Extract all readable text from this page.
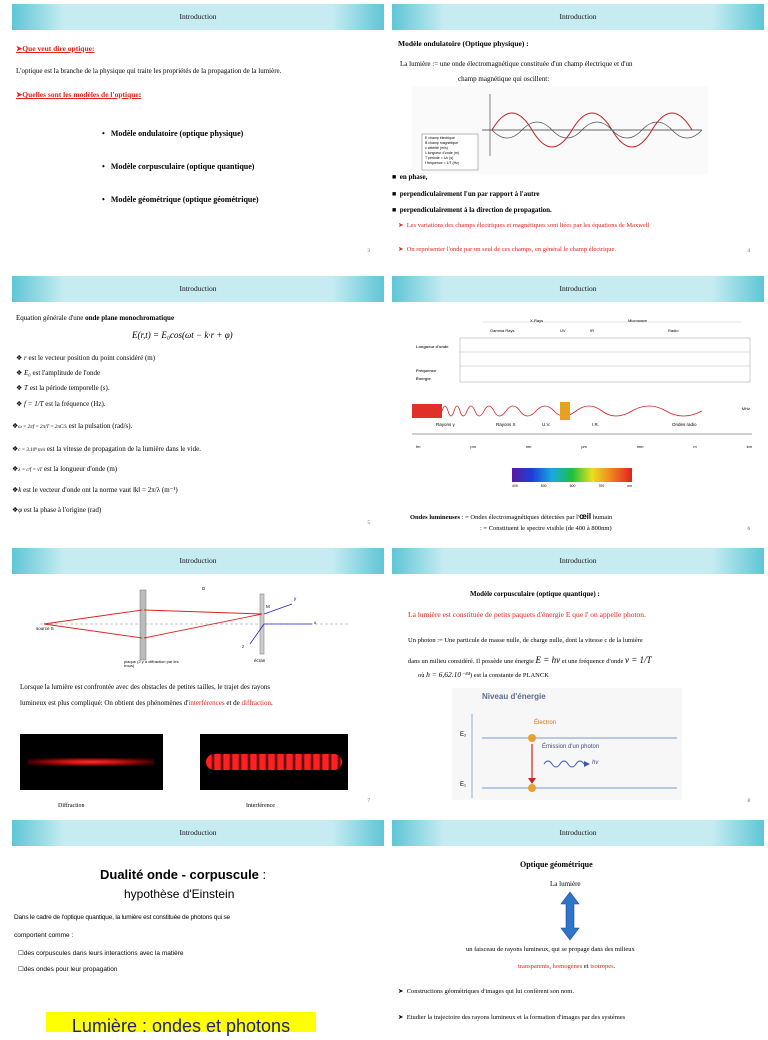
Introduction
➤Que veut dire optique:
L'optique est la branche de la physique qui traite les propriétés de la propagation de la lumière.
➤Quelles sont les modèles de l'optique:
•   Modèle ondulatoire (optique physique)
•   Modèle corpusculaire (optique quantique)
•   Modèle géométrique (optique géométrique)
3
Introduction
Modèle ondulatoire (Optique physique) :
La lumière := une onde électromagnétique constituée d'un champ électrique et d'un
champ magnétique qui oscillent:
E champ électrique
B champ magnétique
c célérité (m/s)
λ longueur d'onde (m)
T période = λ/c (s)
f fréquence = 1/T (Hz)
■  en phase,
■  perpendiculairement l'un par rapport à l'autre
■  perpendiculairement à la direction de propagation.
➤  Les variations des champs électriques et magnétiques sont liées par les équations de Maxwell
➤  On représenter l'onde par un seul de ces champs, en général le champ électrique.	4
Introduction
Equation générale d'une onde plane monochromatique
E(r,t) = E₀cos(ωt − k·r + φ)
❖ r est le vecteur position du point considéré (m)
❖ E₀ est l'amplitude de l'onde
❖ T est la période temporelle (s).
❖ f = 1/T est la fréquence (Hz).
❖ω = 2πf = 2π/T = 2πC/λ est la pulsation (rad/s).
❖c = 3.10⁸ m/s est la vitesse de propagation de la lumière dans le vide.
❖λ = c/f = vT est la longueur d'onde (m)
❖k est le vecteur d'onde ont la norme vaut ‖k‖ = 2π/λ (m⁻¹)
❖φ est la phase à l'origine (rad)
5
Introduction
X-Rays
Gamma Rays	UV	IR
Microwave
Radio
Longueur d'onde
Fréquence
Énergie
MHz
Rayons γ	Rayons X	U.V.	I.R.	Ondes radio
fm	pm	nm	μm	mm	m	km
400	500	600	700	nm
Ondes lumineuses : = Ondes électromagnétiques détectées par l'œil humain
: = Constituent le spectre visible (de 400 à 800nm)	6
Introduction
source S
D
M
x
y
z
écran
plaque (2 y a diffraction par les trous)
Lorsque la lumière est confrontée avec des obstacles de petites tailles, le trajet des rayons
lumineux est plus compliqué: On obtient des phénomènes d'interférences et de diffraction.
Diffraction	Interférence
7
Introduction
Modèle corpusculaire (optique quantique) :
La lumière est constituée de petits paquets d'énergie E que l' on appelle photon.
Un photon := Une particule de masse nulle, de charge nulle, dont la vitesse c de la lumière
dans un milieu considéré. Il possède une énergie E = hν et une fréquence d'onde ν = 1/T
où h = 6,62.10⁻³⁴) est la constante de PLANCK
Niveau d'énergie
Électron
Émission d'un photon
hν
E₂
E₁
8
Introduction
Dualité onde - corpuscule :
hypothèse d'Einstein
Dans le cadre de l'optique quantique, la lumière est constituée de photons qui se
comportent comme :
☐des corpuscules dans leurs interactions avec la matière
☐des ondes pour leur propagation
Lumière : ondes et photons
Introduction
Optique géométrique
La lumière
un faisceau de rayons lumineux, qui se propage dans des milieux
transparents, homogènes et isotropes.
➤  Constructions géométriques d'images qui lui confèrent son nom.
➤  Etudier la trajectoire des rayons lumineux et la formation d'images par des systèmes
